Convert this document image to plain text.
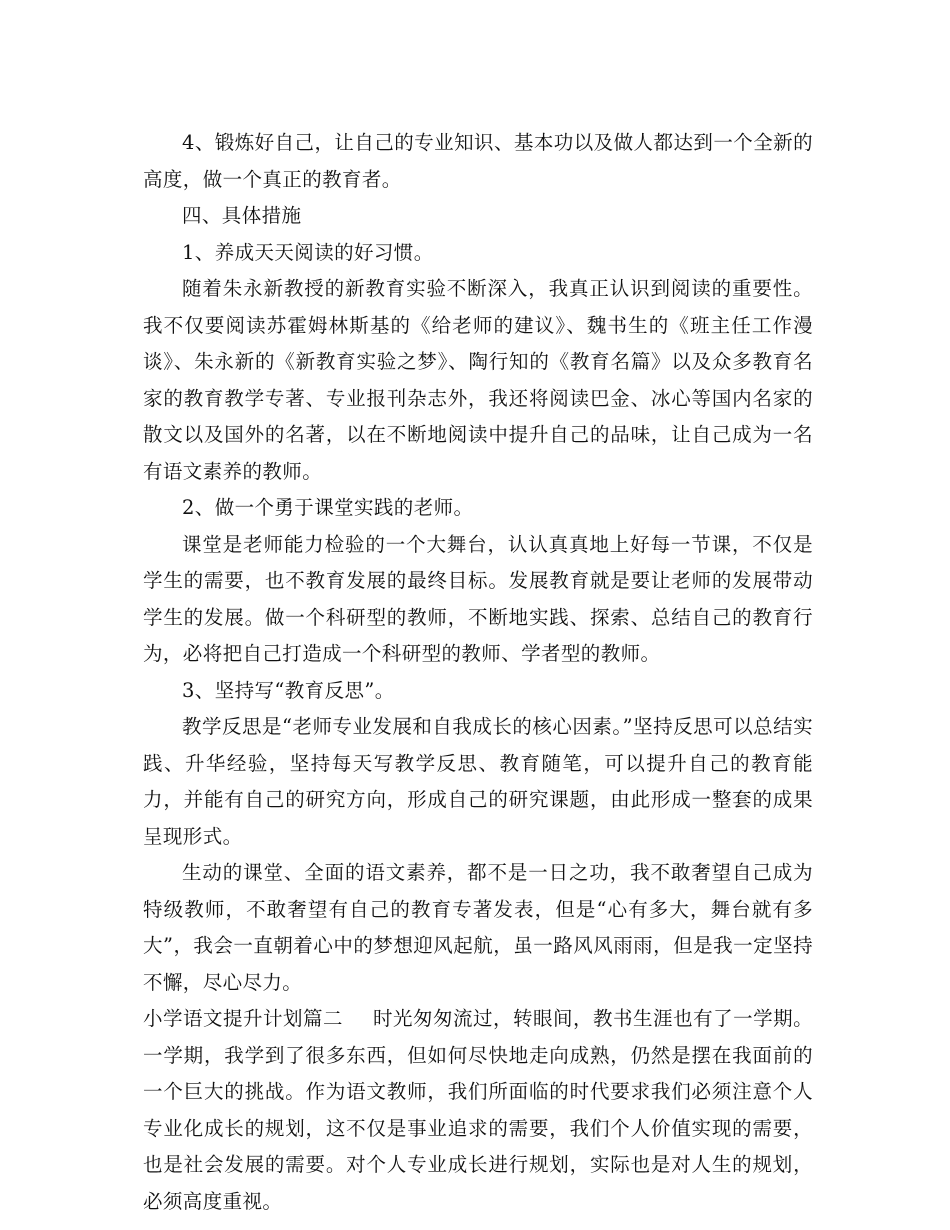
4、锻炼好自己，让自己的专业知识、基本功以及做人都达到一个全新的高度，做一个真正的教育者。

四、具体措施

1、养成天天阅读的好习惯。

随着朱永新教授的新教育实验不断深入，我真正认识到阅读的重要性。我不仅要阅读苏霍姆林斯基的《给老师的建议》、魏书生的《班主任工作漫谈》、朱永新的《新教育实验之梦》、陶行知的《教育名篇》以及众多教育名家的教育教学专著、专业报刊杂志外，我还将阅读巴金、冰心等国内名家的散文以及国外的名著，以在不断地阅读中提升自己的品味，让自己成为一名有语文素养的教师。

2、做一个勇于课堂实践的老师。

课堂是老师能力检验的一个大舞台，认认真真地上好每一节课，不仅是学生的需要，也不教育发展的最终目标。发展教育就是要让老师的发展带动学生的发展。做一个科研型的教师，不断地实践、探索、总结自己的教育行为，必将把自己打造成一个科研型的教师、学者型的教师。

3、坚持写“教育反思”。

教学反思是“老师专业发展和自我成长的核心因素。”坚持反思可以总结实践、升华经验，坚持每天写教学反思、教育随笔，可以提升自己的教育能力，并能有自己的研究方向，形成自己的研究课题，由此形成一整套的成果呈现形式。

生动的课堂、全面的语文素养，都不是一日之功，我不敢奢望自己成为特级教师，不敢奢望有自己的教育专著发表，但是“心有多大，舞台就有多大”，我会一直朝着心中的梦想迎风起航，虽一路风风雨雨，但是我一定坚持不懈，尽心尽力。

小学语文提升计划篇二 时光匆匆流过，转眼间，教书生涯也有了一学期。一学期，我学到了很多东西，但如何尽快地走向成熟，仍然是摆在我面前的一个巨大的挑战。作为语文教师，我们所面临的时代要求我们必须注意个人专业化成长的规划，这不仅是事业追求的需要，我们个人价值实现的需要，也是社会发展的需要。对个人专业成长进行规划，实际也是对人生的规划，必须高度重视。
